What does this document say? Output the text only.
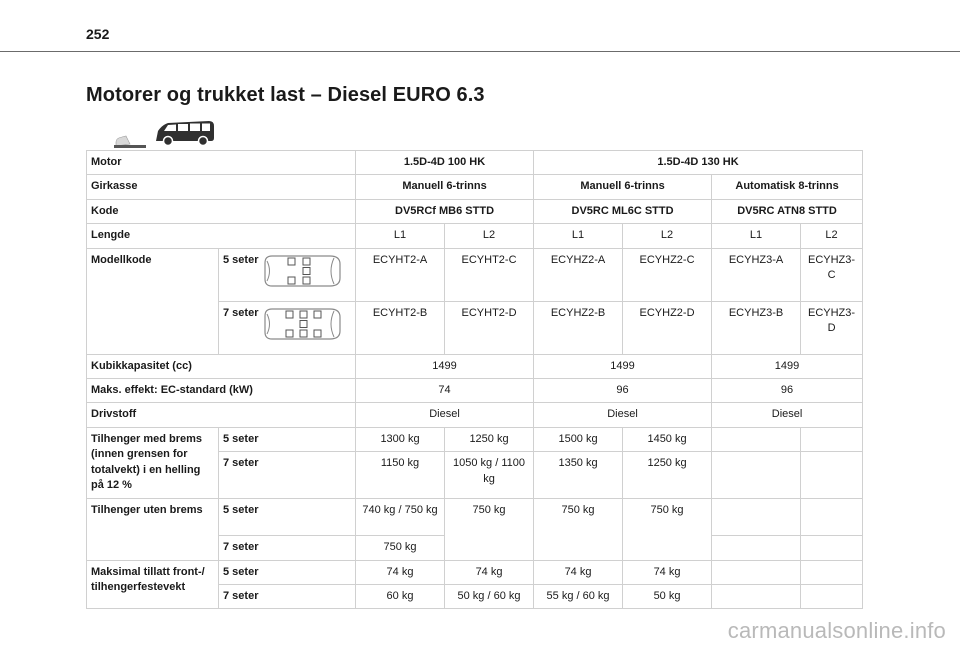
252
Motorer og trukket last – Diesel EURO 6.3
Motor		1.5D-4D 100 HK		1.5D-4D 130 HK			
Girkasse		Manuell 6-trinns		Manuell 6-trinns		Automatisk 8-trinns	
Kode		DV5RCf MB6 STTD		DV5RC ML6C STTD		DV5RC ATN8 STTD	
Lengde		L1	L2	L1	L2	L1	L2
Modellkode	5 seter	ECYHT2-A	ECYHT2-C	ECYHZ2-A	ECYHZ2-C	ECYHZ3-A	ECYHZ3-C

	7 seter	ECYHT2-B	ECYHT2-D	ECYHZ2-B	ECYHZ2-D	ECYHZ3-B	ECYHZ3-D
Kubikkapasitet (cc)		1499		1499		1499	
Maks. effekt: EC-standard (kW)		74		96		96	
Drivstoff		Diesel		Diesel		Diesel	
Tilhenger med brems (innen grensen for totalvekt) i en helling på 12 %	5 seter	1300 kg	1250 kg	1500 kg	1450 kg		
	7 seter	1150 kg	1050 kg / 1100 kg	1350 kg	1250 kg		
Tilhenger uten brems	5 seter	740 kg / 750 kg	750 kg	750 kg	750 kg		
	7 seter	750 kg					
Maksimal tillatt front-/ tilhengerfestevekt	5 seter	74 kg	74 kg	74 kg	74 kg		
	7 seter	60 kg	50 kg / 60 kg	55 kg / 60 kg	50 kg		
carmanualsonline.info
